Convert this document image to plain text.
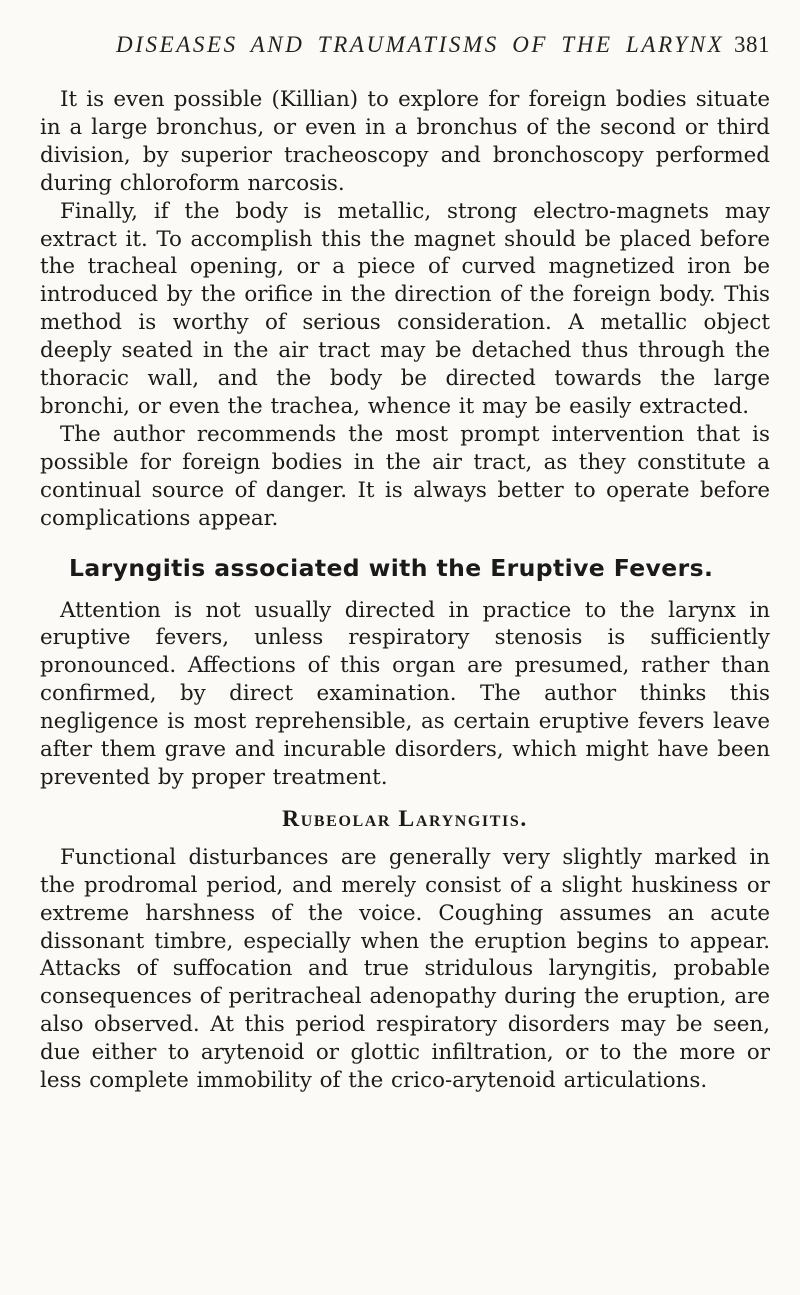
DISEASES AND TRAUMATISMS OF THE LARYNX 381

It is even possible (Killian) to explore for foreign bodies situate in a large bronchus, or even in a bronchus of the second or third division, by superior tracheoscopy and bronchoscopy performed during chloroform narcosis.

Finally, if the body is metallic, strong electro-magnets may extract it. To accomplish this the magnet should be placed before the tracheal opening, or a piece of curved magnetized iron be introduced by the orifice in the direction of the foreign body. This method is worthy of serious consideration. A metallic object deeply seated in the air tract may be detached thus through the thoracic wall, and the body be directed towards the large bronchi, or even the trachea, whence it may be easily extracted.

The author recommends the most prompt intervention that is possible for foreign bodies in the air tract, as they constitute a continual source of danger. It is always better to operate before complications appear.

Laryngitis associated with the Eruptive Fevers.

Attention is not usually directed in practice to the larynx in eruptive fevers, unless respiratory stenosis is sufficiently pronounced. Affections of this organ are presumed, rather than confirmed, by direct examination. The author thinks this negligence is most reprehensible, as certain eruptive fevers leave after them grave and incurable disorders, which might have been prevented by proper treatment.

Rubeolar Laryngitis.

Functional disturbances are generally very slightly marked in the prodromal period, and merely consist of a slight huskiness or extreme harshness of the voice. Coughing assumes an acute dissonant timbre, especially when the eruption begins to appear. Attacks of suffocation and true stridulous laryngitis, probable consequences of peritracheal adenopathy during the eruption, are also observed. At this period respiratory disorders may be seen, due either to arytenoid or glottic infiltration, or to the more or less complete immobility of the crico-arytenoid articulations.
